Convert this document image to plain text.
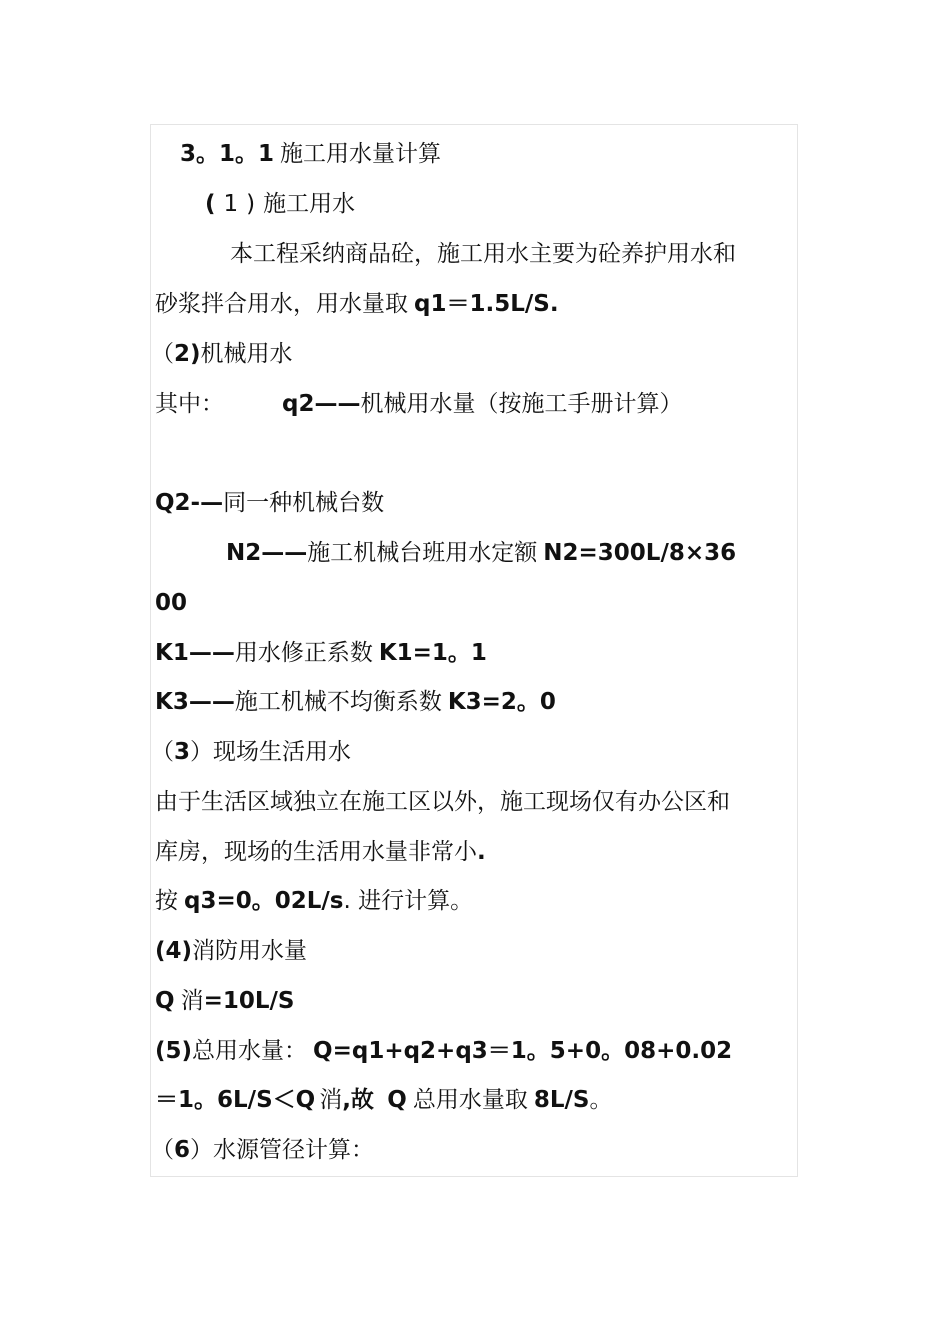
3。1。1 施工用水量计算
( 1 ) 施工用水
本工程采纳商品砼，施工用水主要为砼养护用水和
砂浆拌合用水，用水量取 q1＝1.5L/S.
（2)机械用水
其中：	q2——机械用水量（按施工手册计算）
Q2-—同一种机械台数
N2——施工机械台班用水定额 N2=300L/8×36
00
K1——用水修正系数 K1=1。1
K3——施工机械不均衡系数 K3=2。0
（3）现场生活用水
由于生活区域独立在施工区以外，施工现场仅有办公区和
库房，现场的生活用水量非常小.
按 q3=0。02L/s. 进行计算。
(4)消防用水量
Q 消=10L/S
(5)总用水量： Q=q1+q2+q3＝1。5+0。08+0.02
＝1。6L/S＜Q 消,故 Q 总用水量取 8L/S。
（6）水源管径计算：
